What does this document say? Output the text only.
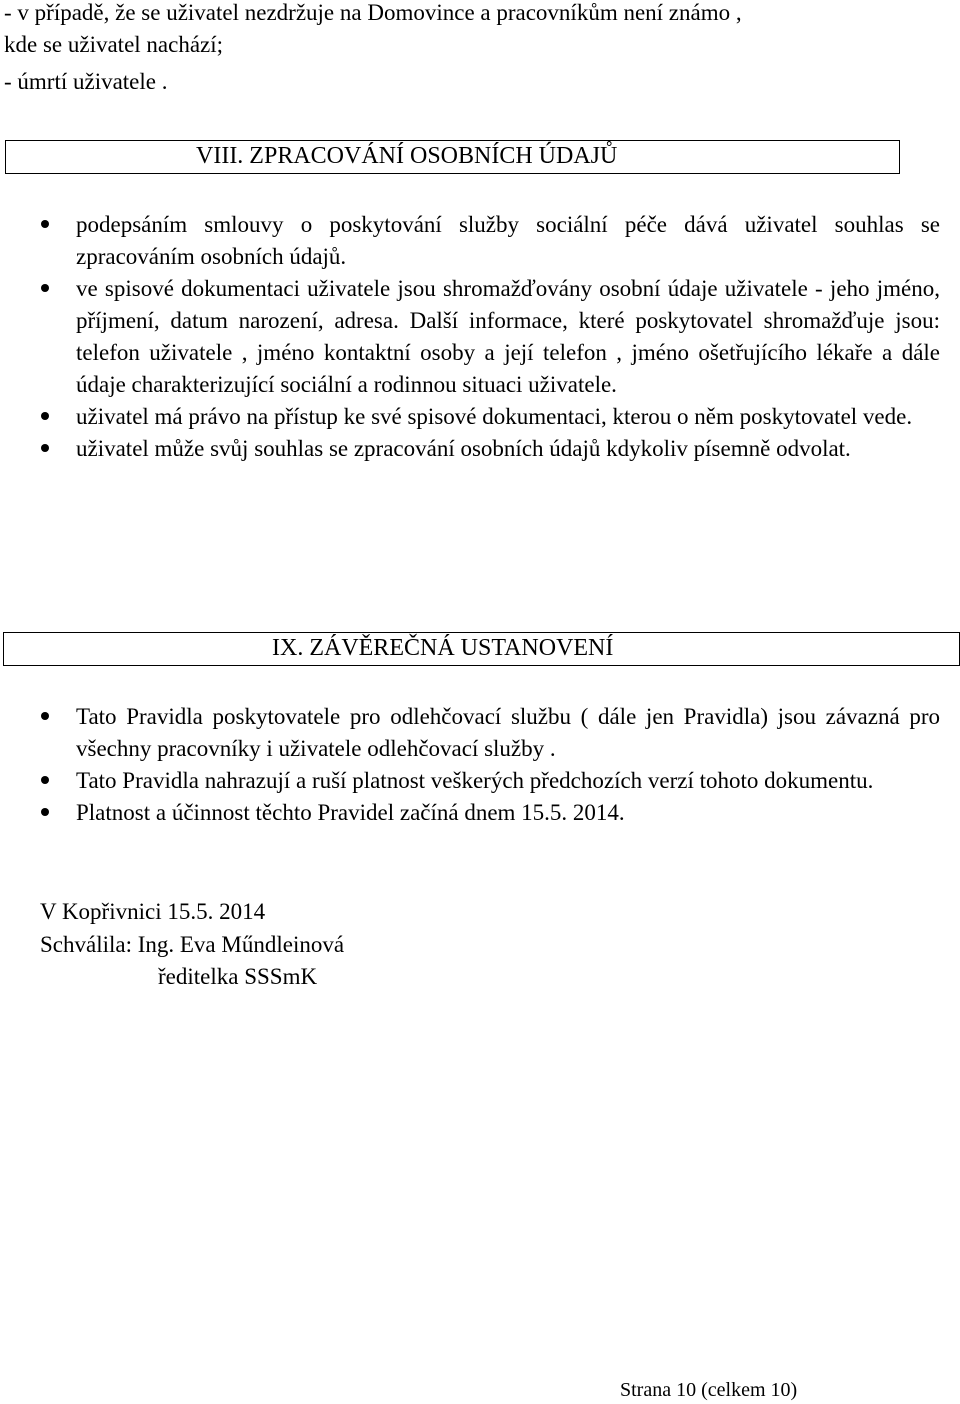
- v případě, že se uživatel nezdržuje na Domovince a pracovníkům není známo ,
kde se uživatel nachází;
- úmrtí uživatele .
VIII. ZPRACOVÁNÍ OSOBNÍCH ÚDAJŮ
podepsáním smlouvy o poskytování služby sociální péče dává uživatel souhlas se zpracováním osobních údajů.
ve spisové dokumentaci uživatele jsou shromažďovány osobní údaje uživatele - jeho jméno, příjmení, datum narození, adresa. Další informace, které poskytovatel shromažďuje jsou: telefon uživatele , jméno kontaktní osoby a její telefon , jméno ošetřujícího lékaře a dále údaje charakterizující sociální a rodinnou situaci uživatele.
uživatel má právo na přístup ke své spisové dokumentaci, kterou o něm poskytovatel vede.
uživatel může svůj souhlas se zpracování osobních údajů kdykoliv písemně odvolat.
IX. ZÁVĚREČNÁ USTANOVENÍ
Tato Pravidla poskytovatele pro odlehčovací službu ( dále jen Pravidla) jsou závazná pro všechny pracovníky i uživatele odlehčovací služby .
Tato Pravidla nahrazují a ruší platnost veškerých předchozích verzí tohoto dokumentu.
Platnost a účinnost těchto Pravidel začíná dnem 15.5. 2014.
V Kopřivnici 15.5. 2014
Schválila: Ing. Eva Műndleinová
ředitelka SSSmK
Strana 10 (celkem 10)
